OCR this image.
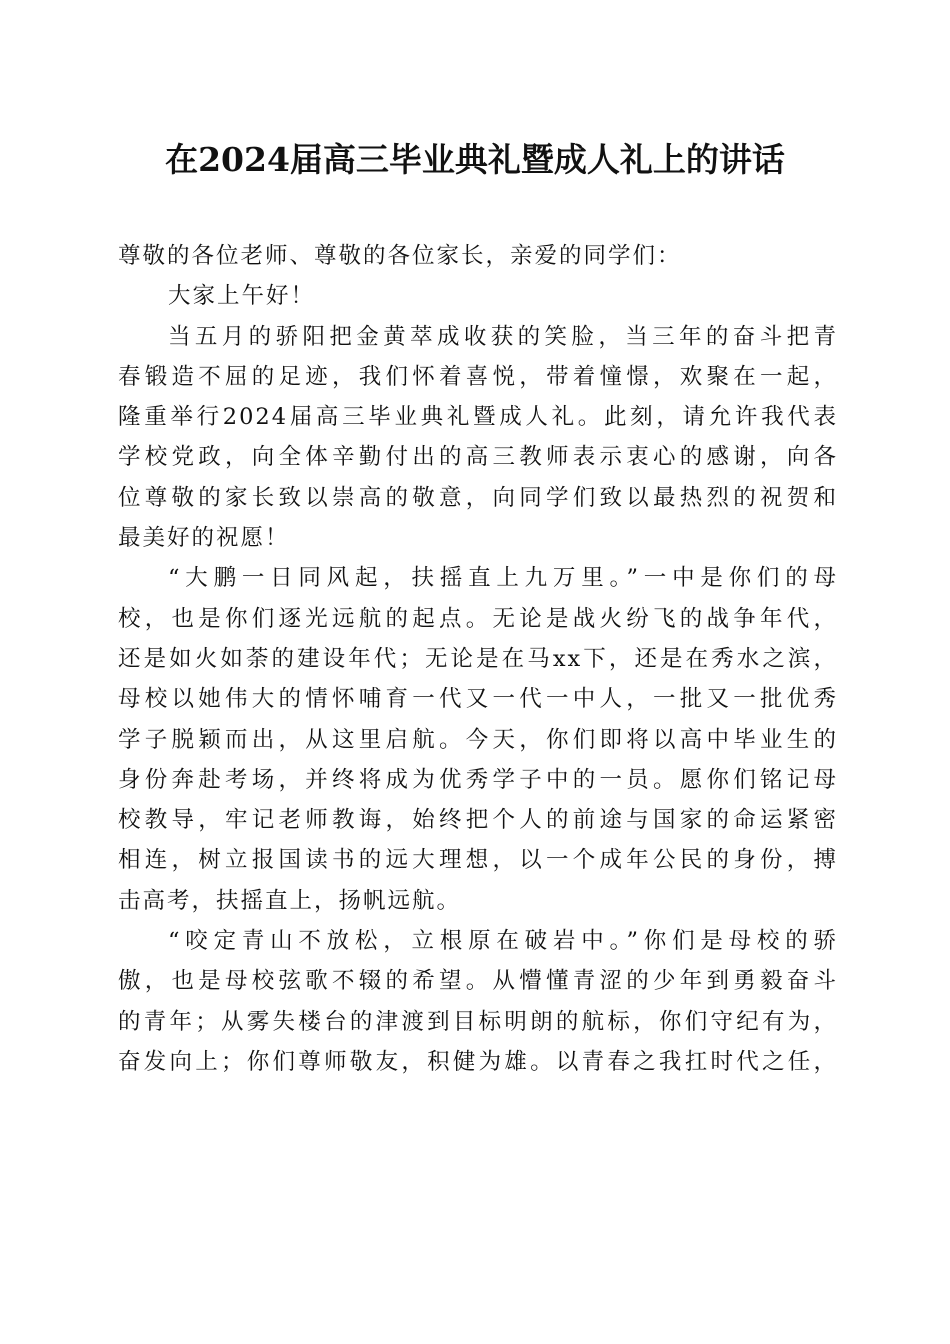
在2024届高三毕业典礼暨成人礼上的讲话
尊敬的各位老师、尊敬的各位家长，亲爱的同学们：
大家上午好！
当五月的骄阳把金黄萃成收获的笑脸，当三年的奋斗把青
春锻造不屈的足迹，我们怀着喜悦，带着憧憬，欢聚在一起，
隆重举行2024届高三毕业典礼暨成人礼。此刻，请允许我代表
学校党政，向全体辛勤付出的高三教师表示衷心的感谢，向各
位尊敬的家长致以崇高的敬意，向同学们致以最热烈的祝贺和
最美好的祝愿！
“大鹏一日同风起，扶摇直上九万里。”一中是你们的母
校，也是你们逐光远航的起点。无论是战火纷飞的战争年代，
还是如火如荼的建设年代；无论是在马xx下，还是在秀水之滨，
母校以她伟大的情怀哺育一代又一代一中人，一批又一批优秀
学子脱颖而出，从这里启航。今天，你们即将以高中毕业生的
身份奔赴考场，并终将成为优秀学子中的一员。愿你们铭记母
校教导，牢记老师教诲，始终把个人的前途与国家的命运紧密
相连，树立报国读书的远大理想，以一个成年公民的身份，搏
击高考，扶摇直上，扬帆远航。
“咬定青山不放松，立根原在破岩中。”你们是母校的骄
傲，也是母校弦歌不辍的希望。从懵懂青涩的少年到勇毅奋斗
的青年；从雾失楼台的津渡到目标明朗的航标，你们守纪有为，
奋发向上；你们尊师敬友，积健为雄。以青春之我扛时代之任，
